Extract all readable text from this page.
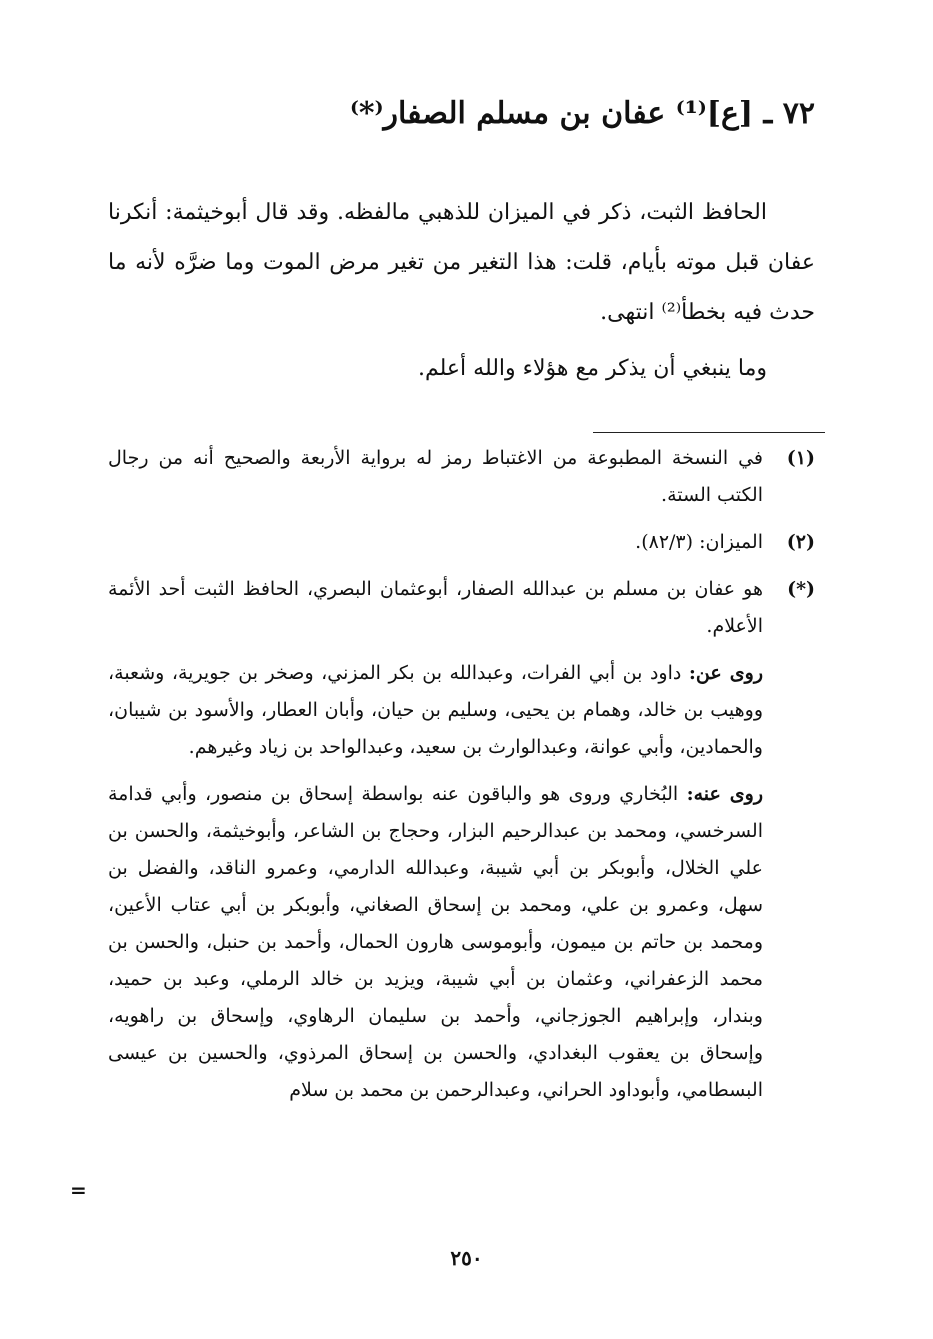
٧٢ ـ [ع]⁽¹⁾ عفان بن مسلم الصفار⁽*⁾

الحافظ الثبت، ذكر في الميزان للذهبي مالفظه. وقد قال أبوخيثمة: أنكرنا عفان قبل موته بأيام، قلت: هذا التغير من تغير مرض الموت وما ضرَّه لأنه ما حدث فيه بخطأ⁽²⁾ انتهى.

وما ينبغي أن يذكر مع هؤلاء والله أعلم.

(١)
في النسخة المطبوعة من الاغتباط رمز له برواية الأربعة والصحيح أنه من رجال الكتب الستة.
(٢)
الميزان: (٨٢/٣).
(*)
هو عفان بن مسلم بن عبدالله الصفار، أبوعثمان البصري، الحافظ الثبت أحد الأئمة الأعلام.
روى عن: داود بن أبي الفرات، وعبدالله بن بكر المزني، وصخر بن جويرية، وشعبة، ووهيب بن خالد، وهمام بن يحيى، وسليم بن حيان، وأبان العطار، والأسود بن شيبان، والحمادين، وأبي عوانة، وعبدالوارث بن سعيد، وعبدالواحد بن زياد وغيرهم.
روى عنه: البُخاري وروى هو والباقون عنه بواسطة إسحاق بن منصور، وأبي قدامة السرخسي، ومحمد بن عبدالرحيم البزار، وحجاج بن الشاعر، وأبوخيثمة، والحسن بن علي الخلال، وأبوبكر بن أبي شيبة، وعبدالله الدارمي، وعمرو الناقد، والفضل بن سهل، وعمرو بن علي، ومحمد بن إسحاق الصغاني، وأبوبكر بن أبي عتاب الأعين، ومحمد بن حاتم بن ميمون، وأبوموسى هارون الحمال، وأحمد بن حنبل، والحسن بن محمد الزعفراني، وعثمان بن أبي شيبة، ويزيد بن خالد الرملي، وعبد بن حميد، وبندار، وإبراهيم الجوزجاني، وأحمد بن سليمان الرهاوي، وإسحاق بن راهويه، وإسحاق بن يعقوب البغدادي، والحسن بن إسحاق المرذوي، والحسين بن عيسى البسطامي، وأبوداود الحراني، وعبدالرحمن بن محمد بن سلام
=
٢٥٠
